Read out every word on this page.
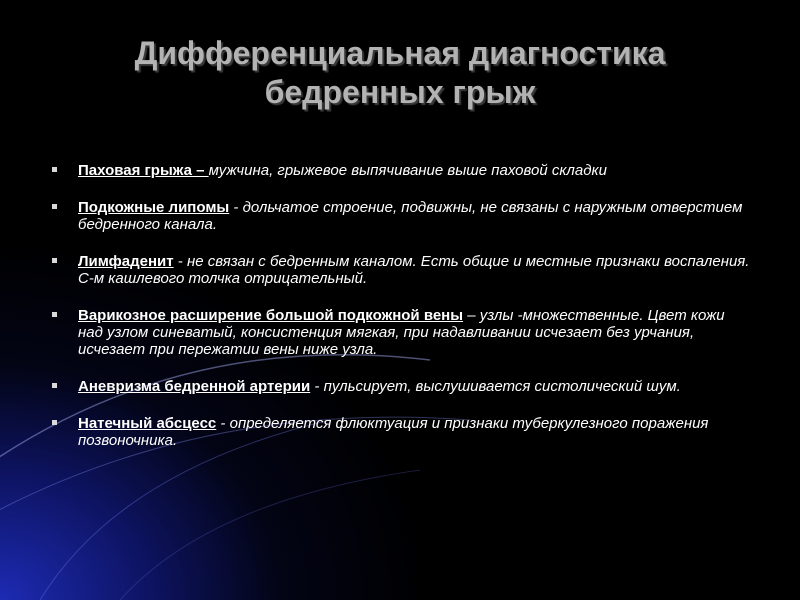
Дифференциальная диагностика
бедренных грыж
Паховая грыжа – мужчина, грыжевое выпячивание выше паховой складки
Подкожные липомы - дольчатое строение, подвижны, не связаны с наружным отверстием бедренного канала.
Лимфаденит - не связан с бедренным каналом. Есть общие и местные признаки воспаления. С-м кашлевого толчка отрицательный.
Варикозное расширение большой подкожной вены – узлы -множественные. Цвет кожи над узлом синеватый, консистенция мягкая, при надавливании исчезает без урчания, исчезает при пережатии вены ниже узла.
Аневризма бедренной артерии - пульсирует, выслушивается систолический шум.
Натечный абсцесс - определяется флюктуация и признаки туберкулезного поражения позвоночника.
